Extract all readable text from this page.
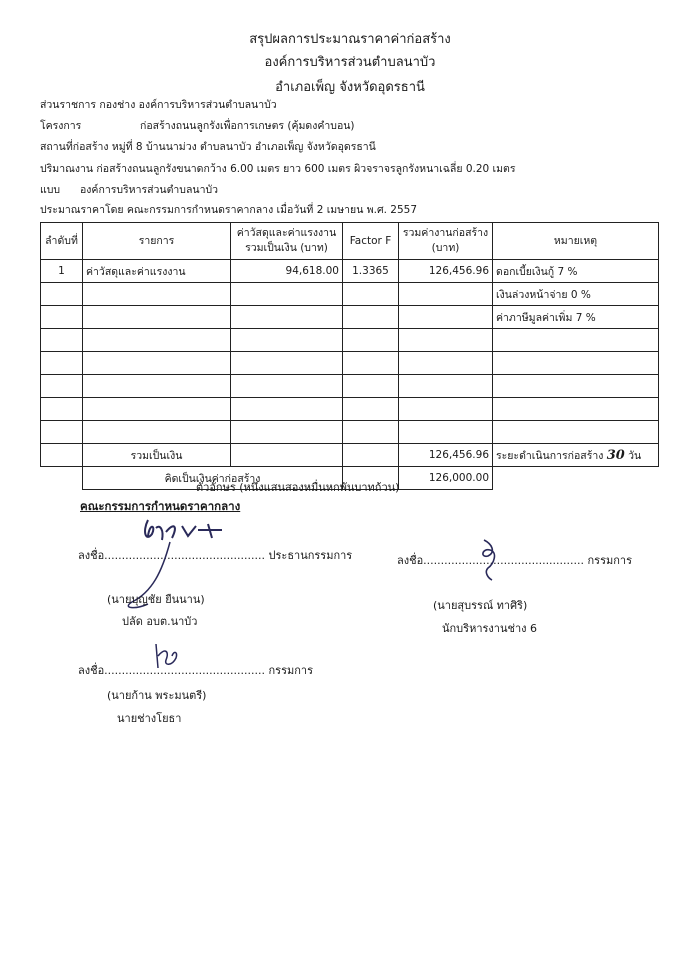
สรุปผลการประมาณราคาค่าก่อสร้าง
องค์การบริหารส่วนตำบลนาบัว
อำเภอเพ็ญ จังหวัดอุดรธานี
ส่วนราชการ กองช่าง องค์การบริหารส่วนตำบลนาบัว
โครงการ	ก่อสร้างถนนลูกรังเพื่อการเกษตร (คุ้มดงคำบอน)
สถานที่ก่อสร้าง หมู่ที่ 8 บ้านนาม่วง ตำบลนาบัว อำเภอเพ็ญ จังหวัดอุดรธานี
ปริมาณงาน ก่อสร้างถนนลูกรังขนาดกว้าง 6.00 เมตร ยาว 600 เมตร ผิวจราจรลูกรังหนาเฉลี่ย 0.20 เมตร
แบบ องค์การบริหารส่วนตำบลนาบัว
ประมาณราคาโดย คณะกรรมการกำหนดราคากลาง เมื่อวันที่ 2 เมษายน พ.ศ. 2557
ลำดับที่	รายการ	ค่าวัสดุและค่าแรงงาน รวมเป็นเงิน (บาท)	Factor F	รวมค่างานก่อสร้าง (บาท)	หมายเหตุ
1	ค่าวัสดุและค่าแรงงาน	94,618.00	1.3365	126,456.96	ดอกเบี้ยเงินกู้ 7 %
					เงินล่วงหน้าจ่าย 0 %
					ค่าภาษีมูลค่าเพิ่ม 7 %

	รวมเป็นเงิน			126,456.96	ระยะดำเนินการก่อสร้าง 30 วัน
	คิดเป็นเงินค่าก่อสร้าง			126,000.00	
ตัวอักษร (หนึ่งแสนสองหมื่นหกพันบาทถ้วน)
คณะกรรมการกำหนดราคากลาง
ลงชื่อ.............................................. ประธานกรรมการ
(นายบุญชัย ยืนนาน)
ปลัด อบต.นาบัว
ลงชื่อ.............................................. กรรมการ
(นายสุบรรณ์ ทาศิริ)
นักบริหารงานช่าง 6
ลงชื่อ.............................................. กรรมการ
(นายก้าน พระมนตรี)
นายช่างโยธา
